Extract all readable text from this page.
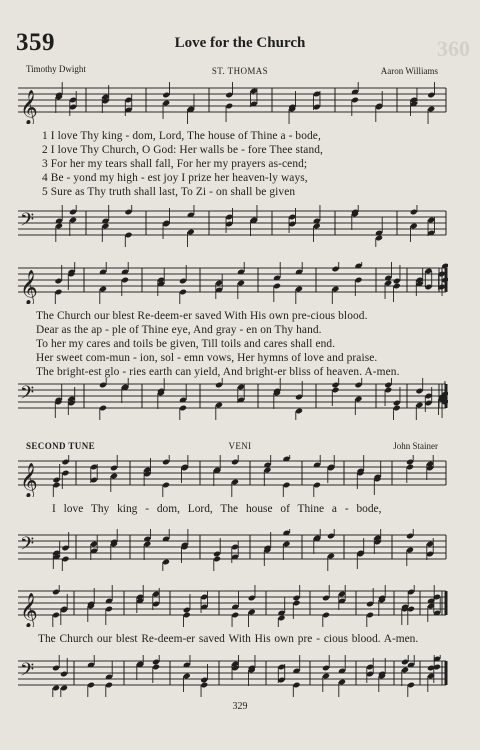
359	Love for the Church	360
Timothy Dwight	ST. THOMAS	Aaron Williams
𝄞
𝄢
𝄞
𝄢
𝄞
𝄢
𝄞
𝄢
1 I love Thy king - dom, Lord, The house of Thine a - bode,
2 I love Thy Church, O God: Her walls be - fore Thee stand,
3 For her my tears shall fall, For her my prayers as-cend;
4 Be - yond my high - est joy I prize her heaven-ly ways,
5 Sure as Thy truth shall last, To Zi - on shall be given
The Church our blest Re-deem-er saved With His own pre-cious blood.
Dear as the ap - ple of Thine eye, And gray - en on Thy hand.
To her my cares and toils be given, Till toils and cares shall end.
Her sweet com-mun - ion, sol - emn vows, Her hymns of love and praise.
The bright-est glo - ries earth can yield, And bright-er bliss of heaven. A-men.
SECOND TUNE	VENI	John Stainer
I love Thy king - dom, Lord, The house of Thine a - bode,
The Church our blest Re-deem-er saved With His own pre - cious blood. A-men.
329
